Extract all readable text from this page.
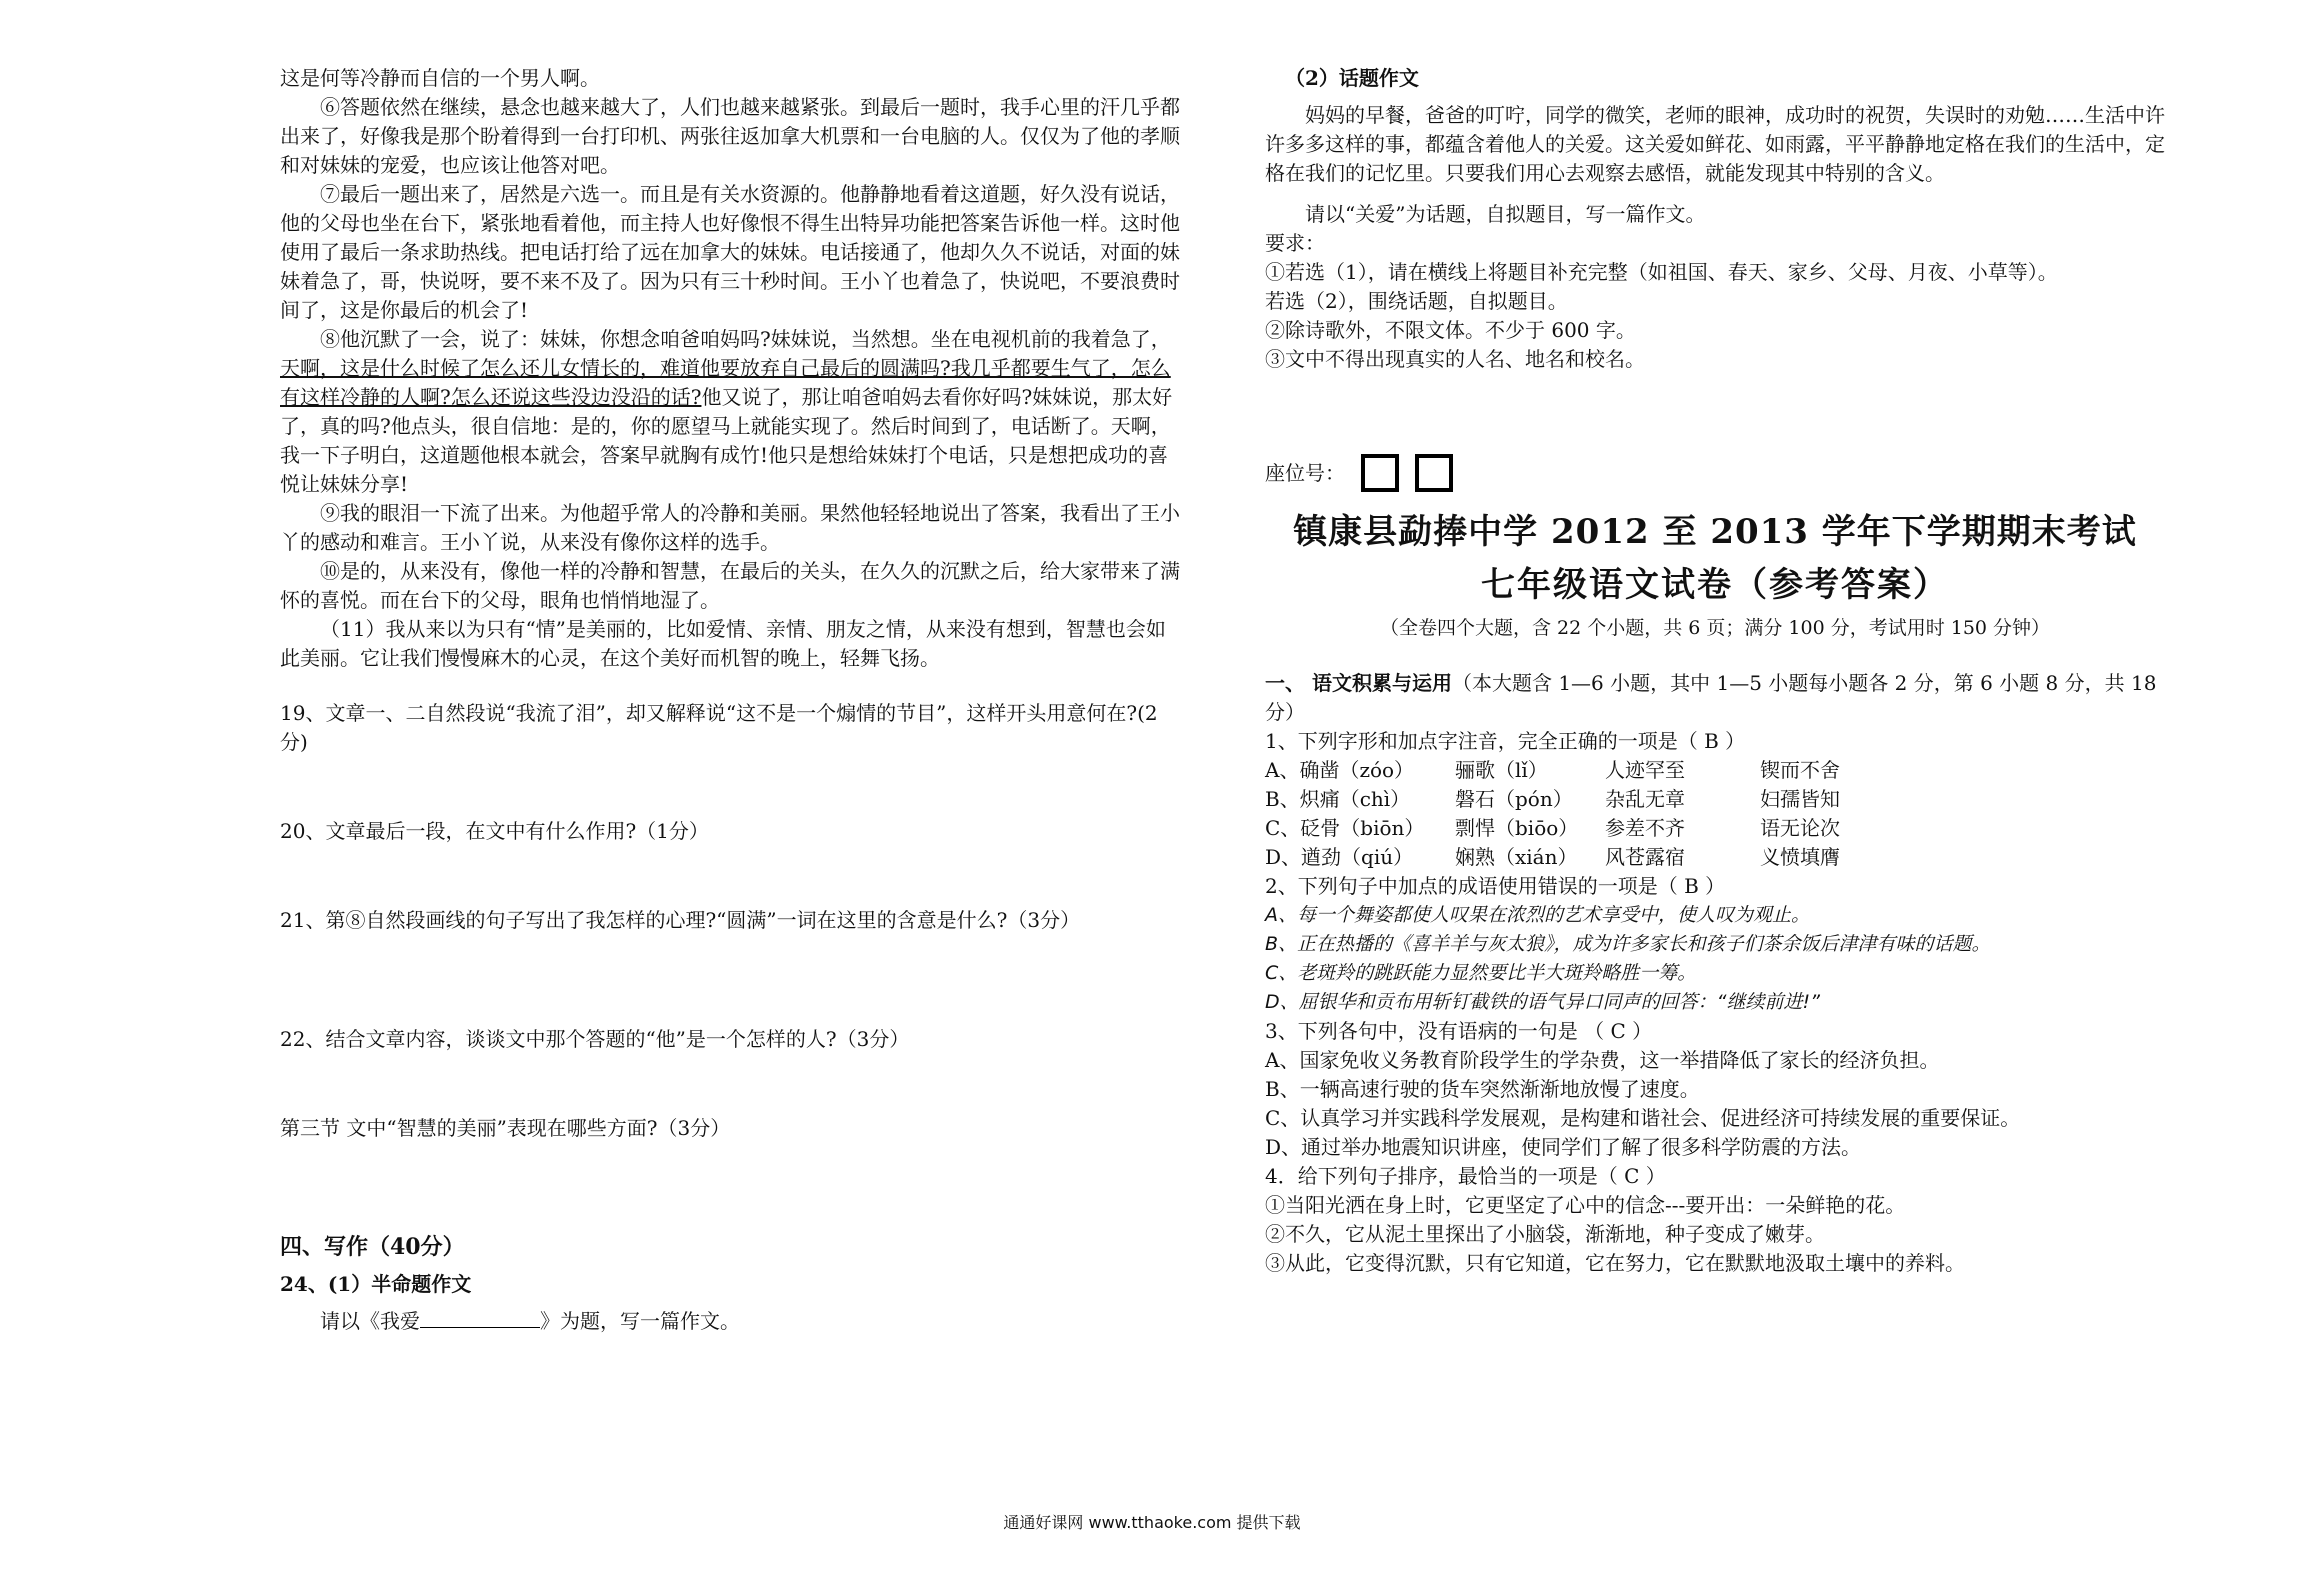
这是何等冷静而自信的一个男人啊。

⑥答题依然在继续，悬念也越来越大了，人们也越来越紧张。到最后一题时，我手心里的汗几乎都出来了，好像我是那个盼着得到一台打印机、两张往返加拿大机票和一台电脑的人。仅仅为了他的孝顺和对妹妹的宠爱，也应该让他答对吧。

⑦最后一题出来了，居然是六选一。而且是有关水资源的。他静静地看着这道题，好久没有说话，他的父母也坐在台下，紧张地看着他，而主持人也好像恨不得生出特异功能把答案告诉他一样。这时他使用了最后一条求助热线。把电话打给了远在加拿大的妹妹。电话接通了，他却久久不说话，对面的妹妹着急了，哥，快说呀，要不来不及了。因为只有三十秒时间。王小丫也着急了，快说吧，不要浪费时间了，这是你最后的机会了!

⑧他沉默了一会，说了：妹妹，你想念咱爸咱妈吗?妹妹说，当然想。坐在电视机前的我着急了，天啊，这是什么时候了怎么还儿女情长的，难道他要放弃自己最后的圆满吗?我几乎都要生气了，怎么有这样冷静的人啊?怎么还说这些没边没沿的话?他又说了，那让咱爸咱妈去看你好吗?妹妹说，那太好了，真的吗?他点头，很自信地：是的，你的愿望马上就能实现了。然后时间到了，电话断了。天啊，我一下子明白，这道题他根本就会，答案早就胸有成竹!他只是想给妹妹打个电话，只是想把成功的喜悦让妹妹分享!

⑨我的眼泪一下流了出来。为他超乎常人的冷静和美丽。果然他轻轻地说出了答案，我看出了王小丫的感动和难言。王小丫说，从来没有像你这样的选手。

⑩是的，从来没有，像他一样的冷静和智慧，在最后的关头，在久久的沉默之后，给大家带来了满怀的喜悦。而在台下的父母，眼角也悄悄地湿了。

（11）我从来以为只有“情”是美丽的，比如爱情、亲情、朋友之情，从来没有想到，智慧也会如此美丽。它让我们慢慢麻木的心灵，在这个美好而机智的晚上，轻舞飞扬。

19、文章一、二自然段说“我流了泪”，却又解释说“这不是一个煽情的节目”，这样开头用意何在?(2分)

20、文章最后一段，在文中有什么作用?（1分）

21、第⑧自然段画线的句子写出了我怎样的心理?“圆满”一词在这里的含意是什么?（3分）

22、结合文章内容，谈谈文中那个答题的“他”是一个怎样的人?（3分）

第三节 文中“智慧的美丽”表现在哪些方面?（3分）

四、写作（40分）

24、(1）半命题作文

请以《我爱	》为题，写一篇作文。

（2）话题作文

妈妈的早餐，爸爸的叮咛，同学的微笑，老师的眼神，成功时的祝贺，失误时的劝勉……生活中许许多多这样的事，都蕴含着他人的关爱。这关爱如鲜花、如雨露，平平静静地定格在我们的生活中，定格在我们的记忆里。只要我们用心去观察去感悟，就能发现其中特别的含义。

请以“关爱”为话题，自拟题目，写一篇作文。

要求：

①若选（1），请在横线上将题目补充完整（如祖国、春天、家乡、父母、月夜、小草等）。

若选（2），围绕话题，自拟题目。

②除诗歌外，不限文体。不少于 600 字。

③文中不得出现真实的人名、地名和校名。

座位号：
镇康县勐捧中学 2012 至 2013 学年下学期期末考试
七年级语文试卷（参考答案）
（全卷四个大题，含 22 个小题，共 6 页；满分 100 分，考试用时 150 分钟）

一、 语文积累与运用（本大题含 1—6 小题，其中 1—5 小题每小题各 2 分，第 6 小题 8 分，共 18 分）

1、下列字形和加点字注音，完全正确的一项是（ B ）

A、确凿（zóo）	骊歌（lǐ）	人迹罕至	锲而不舍
B、炽痛（chì）	磐石（pón）	杂乱无章	妇孺皆知
C、砭骨（biōn）	剽悍（biōo）	参差不齐	语无论次
D、遒劲（qiú）	娴熟（xián）	风苍露宿	义愤填膺

2、下列句子中加点的成语使用错误的一项是（ B ）

A、每一个舞姿都使人叹果在浓烈的艺术享受中，使人叹为观止。

B、正在热播的《喜羊羊与灰太狼》，成为许多家长和孩子们茶余饭后津津有味的话题。

C、老斑羚的跳跃能力显然要比半大斑羚略胜一筹。

D、屈银华和贡布用斩钉截铁的语气异口同声的回答：“继续前进!”

3、下列各句中，没有语病的一句是 （ C ）

A、国家免收义务教育阶段学生的学杂费，这一举措降低了家长的经济负担。

B、一辆高速行驶的货车突然渐渐地放慢了速度。

C、认真学习并实践科学发展观，是构建和谐社会、促进经济可持续发展的重要保证。

D、通过举办地震知识讲座，使同学们了解了很多科学防震的方法。

4．给下列句子排序，最恰当的一项是（ C ）

①当阳光洒在身上时，它更坚定了心中的信念---要开出：一朵鲜艳的花。

②不久，它从泥土里探出了小脑袋，渐渐地，种子变成了嫩芽。

③从此，它变得沉默，只有它知道，它在努力，它在默默地汲取土壤中的养料。

通通好课网 www.tthaoke.com 提供下载
